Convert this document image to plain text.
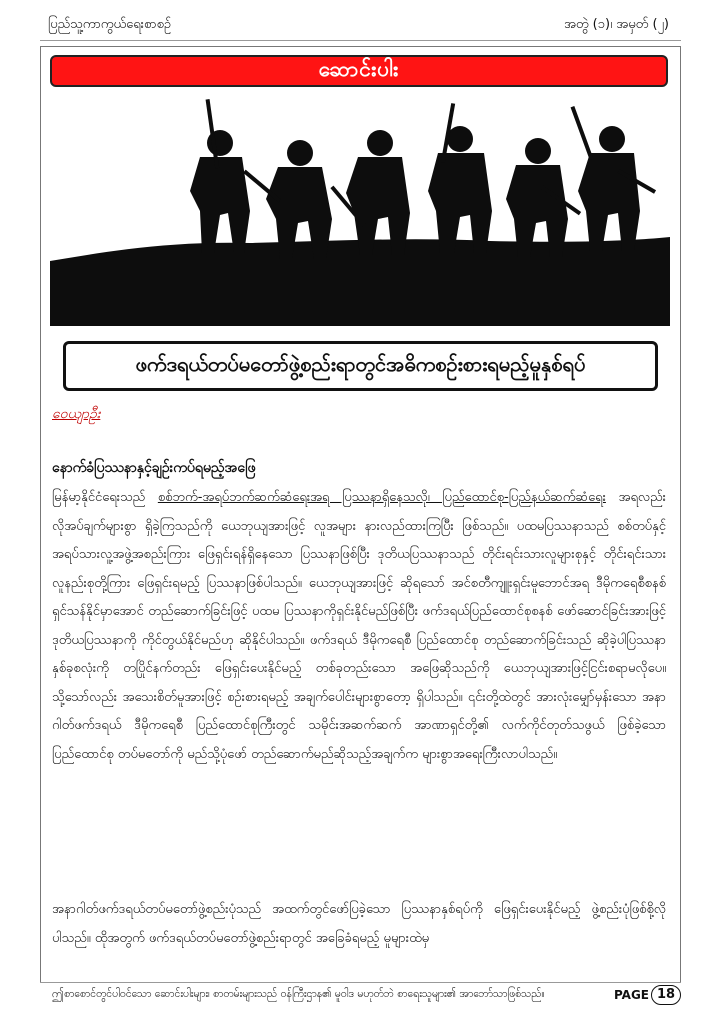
ပြည်သူ့ကာကွယ်ရေးစာစဉ်	အတွဲ (၁)၊ အမှတ် (၂)
ဆောင်းပါး
ဖက်ဒရယ်တပ်မတော်ဖွဲ့စည်းရာတွင်အဓိကစဥ်းစားရမည့်မူနှစ်ရပ်
ဝေယျာဦး
နောက်ခံပြဿနာနှင့်ချဥ်းကပ်ရမည့်အဖြေ
မြန်မာ့နိုင်ငံရေးသည် စစ်ဘက်-အရပ်ဘက်ဆက်ဆံရေးအရ ပြဿနာရှိနေသလို၊ ပြည်ထောင်စု-ပြည်နယ်ဆက်ဆံရေး အရလည်း လိုအပ်ချက်များစွာ ရှိခဲ့ကြသည်ကို ယေဘုယျအားဖြင့် လူအများ နားလည်ထားကြပြီး ဖြစ်သည်။ ပထမပြဿနာသည် စစ်တပ်နှင့် အရပ်သားလူ့အဖွဲ့အစည်းကြား ဖြေရှင်းရန်ရှိနေသော ပြဿနာဖြစ်ပြီး ဒုတိယပြဿနာသည် တိုင်းရင်းသားလူများစုနှင့် တိုင်းရင်းသားလူနည်းစုတို့ကြား ဖြေရှင်းရမည့် ပြဿနာဖြစ်ပါသည်။ ယေဘုယျအားဖြင့် ဆိုရသော် အင်စတီကျူးရှင်းမူဘောင်အရ ဒီမိုကရေစီစနစ် ရှင်သန်နိုင်မှာအောင် တည်ဆောက်ခြင်းဖြင့် ပထမ ပြဿနာကိုရှင်းနိုင်မည်ဖြစ်ပြီး ဖက်ဒရယ်ပြည်ထောင်စုစနစ် ဖော်ဆောင်ခြင်းအားဖြင့် ဒုတိယပြဿနာကို ကိုင်တွယ်နိုင်မည်ဟု ဆိုနိုင်ပါသည်။ ဖက်ဒရယ် ဒီမိုကရေစီ ပြည်ထောင်စု တည်ဆောက်ခြင်းသည် ဆိုခဲ့ပါပြဿနာနှစ်ခုစလုံးကို တပြိုင်နက်တည်း ဖြေရှင်းပေးနိုင်မည့် တစ်ခုတည်းသော အဖြေဆိုသည်ကို ယေဘုယျအားဖြင့်ငြင်းစရာမလိုပေ။ သို့သော်လည်း အသေးစိတ်မူအားဖြင့် စဥ်းစားရမည့် အချက်ပေါင်းများစွာတော့ ရှိပါသည်။ ၎င်းတို့ထဲတွင် အားလုံးမျှော်မှန်းသော အနာဂါတ်ဖက်ဒရယ် ဒီမိုကရေစီ ပြည်ထောင်စုကြီးတွင် သမိုင်းအဆက်ဆက် အာဏာရှင်တို့၏ လက်ကိုင်တုတ်သဖွယ် ဖြစ်ခဲ့သော ပြည်ထောင်စု တပ်မတော်ကို မည်သို့ပုံဖော် တည်ဆောက်မည်ဆိုသည့်အချက်က များစွာအရေးကြီးလာပါသည်။
အနာဂါတ်ဖက်ဒရယ်တပ်မတော်ဖွဲ့စည်းပုံသည် အထက်တွင်ဖော်ပြခဲ့သော ပြဿနာနှစ်ရပ်ကို ဖြေရှင်းပေးနိုင်မည့် ဖွဲ့စည်းပုံဖြစ်စို့လိုပါသည်။ ထိုအတွက် ဖက်ဒရယ်တပ်မတော်ဖွဲ့စည်းရာတွင် အခြေခံရမည့် မူများထဲမှ
ဤစာစောင်တွင်ပါဝင်သော ဆောင်းပါးများ၊ စာတမ်းများသည် ဝန်ကြီးဌာန၏ မူဝါဒ မဟုတ်ဘဲ စာရေးသူများ၏ အာဘော်သာဖြစ်သည်။	PAGE 18
